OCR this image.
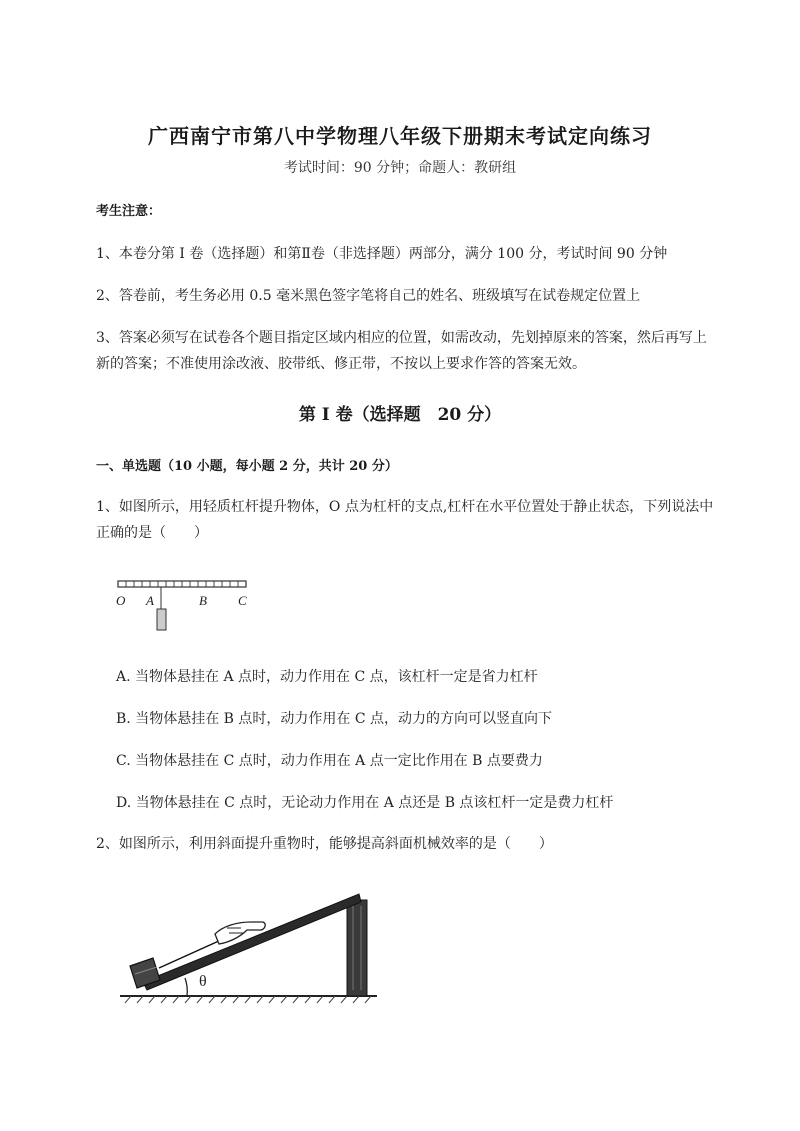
广西南宁市第八中学物理八年级下册期末考试定向练习
考试时间：90 分钟；命题人：教研组
考生注意：
1、本卷分第 I 卷（选择题）和第Ⅱ卷（非选择题）两部分，满分 100 分，考试时间 90 分钟
2、答卷前，考生务必用 0.5 毫米黑色签字笔将自己的姓名、班级填写在试卷规定位置上
3、答案必须写在试卷各个题目指定区域内相应的位置，如需改动，先划掉原来的答案，然后再写上新的答案；不准使用涂改液、胶带纸、修正带，不按以上要求作答的答案无效。
第 I 卷（选择题　20 分）
一、单选题（10 小题，每小题 2 分，共计 20 分）
1、如图所示，用轻质杠杆提升物体，O 点为杠杆的支点,杠杆在水平位置处于静止状态，下列说法中正确的是（　　）
O A	B C
A. 当物体悬挂在 A 点时，动力作用在 C 点，该杠杆一定是省力杠杆
B. 当物体悬挂在 B 点时，动力作用在 C 点，动力的方向可以竖直向下
C. 当物体悬挂在 C 点时，动力作用在 A 点一定比作用在 B 点要费力
D. 当物体悬挂在 C 点时，无论动力作用在 A 点还是 B 点该杠杆一定是费力杠杆
2、如图所示，利用斜面提升重物时，能够提高斜面机械效率的是（　　）
θ
